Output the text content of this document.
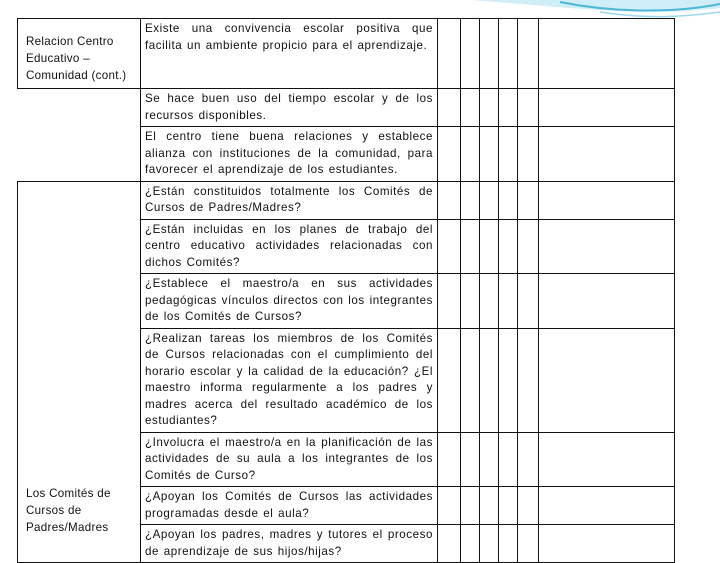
Relacion Centro Educativo – Comunidad (cont.)	Existe una convivencia escolar positiva que facilita un ambiente propicio para el aprendizaje.						

	Se hace buen uso del tiempo escolar y de los recursos disponibles.						

	El centro tiene buena relaciones y establece alianza con instituciones de la comunidad, para favorecer el aprendizaje de los estudiantes.						

Los Comités de Cursos de Padres/Madres	¿Están constituidos totalmente los Comités de Cursos de Padres/Madres?						

	¿Están incluidas en los planes de trabajo del centro educativo actividades relacionadas con dichos Comités?						

	¿Establece el maestro/a en sus actividades pedagógicas vínculos directos con los integrantes de los Comités de Cursos?						

	¿Realizan tareas los miembros de los Comités de Cursos relacionadas con el cumplimiento del horario escolar y la calidad de la educación? ¿El maestro informa regularmente a los padres y madres acerca del resultado académico de los estudiantes?						

	¿Involucra el maestro/a en la planificación de las actividades de su aula a los integrantes de los Comités de Curso?						

	¿Apoyan los Comités de Cursos las actividades programadas desde el aula?						

	¿Apoyan los padres, madres y tutores el proceso de aprendizaje de sus hijos/hijas?						
